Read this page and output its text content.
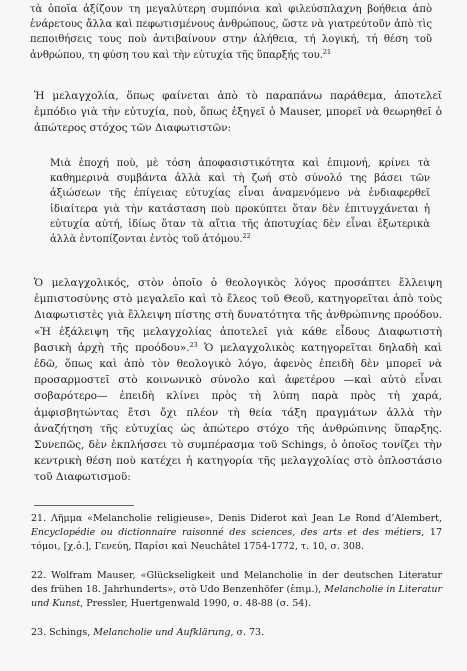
τὰ ὁποῖα ἀξίζουν τη μεγαλύτερη συμπόνια καὶ φιλεύσπλαχνη βοήθεια ἀπὸ ἐνάρετους ἄλλα καὶ πεφωτισμένους ἀνθρώπους, ὥστε νὰ γιατρεύτοῦν ἀπὸ τὶς πεποιθήσεις τους ποὺ ἀντιβαίνουν στην ἀλήθεια, τή λογική, τή θέση τοῦ ἀνθρώπου, τη φύση του καὶ τὴν εὐτυχία τῆς ὕπαρξής του.$^{21}$

Ἡ μελαγχολία, ὅπως φαίνεται ἀπὸ τὸ παραπάνω παράθεμα, ἀποτελεῖ ἐμπόδιο γιὰ τὴν εὐτυχία, ποὺ, ὅπως ἐξηγεῖ ὁ Mauser, μπορεῖ νὰ θεωρηθεῖ ὁ ἀπώτερος στόχος τῶν Διαφωτιστῶν:

Μιὰ ἐποχή ποὺ, μὲ τόση ἀποφασιστικότητα καὶ ἐπιμονή, κρίνει τὰ καθημερινὰ συμβάντα ἀλλὰ καὶ τὴ ζωή στὸ σύνολό της βάσει τῶν ἀξιώσεων τῆς ἐπίγειας εὐτυχίας εἶναι ἀναμενόμενο νὰ ἐνδιαφερθεῖ ἰδιαίτερα γιὰ τὴν κατάσταση ποὺ προκύπτει ὅταν δὲν ἐπιτυγχάνεται ἡ εὐτυχία αὐτή, ἰδίως ὅταν τὰ αἴτια τῆς ἀποτυχίας δὲν εἶναι ἐξωτερικὰ ἀλλὰ ἐντοπίζονται ἐντὸς τοῦ ἀτόμου.$^{22}$

Ὁ μελαγχολικός, στὸν ὁποῖο ὁ θεολογικὸς λόγος προσάπτει ἔλλειψη ἐμπιστοσύνης στὸ μεγαλεῖο καὶ τὸ ἔλεος τοῦ Θεοῦ, κατηγορεῖται ἀπὸ τοὺς Διαφωτιστὲς γιὰ ἔλλειψη πίστης στὴ δυνατότητα τῆς ἀνθρώπινης προόδου. «Ἡ ἐξάλειψη τῆς μελαγχολίας ἀποτελεῖ γιὰ κάθε εἶδους Διαφωτιστὴ βασικὴ ἀρχὴ τῆς προόδου».$^{23}$ Ὁ μελαγχολικὸς κατηγορεῖται δηλαδὴ καὶ ἐδῶ, ὅπως καὶ ἀπὸ τὸν θεολογικὸ λόγο, ἀφενὸς ἐπειδὴ δὲν μπορεῖ νὰ προσαρμοστεῖ στὸ κοινωνικὸ σύνολο καὶ ἀφετέρου —καὶ αὐτὸ εἶναι σοβαρότερο— ἐπειδὴ κλίνει πρὸς τὴ λύπη παρὰ πρὸς τὴ χαρά, ἀμφισβητώντας ἔτσι ὄχι πλέον τὴ θεία τάξη πραγμάτων ἀλλὰ τὴν ἀναζήτηση τῆς εὐτυχίας ὡς ἀπώτερο στόχο τῆς ἀνθρώπινης ὕπαρξης. Συνεπῶς, δὲν ἐκπλήσσει τὸ συμπέρασμα τοῦ Schings, ὁ ὁποῖος τονίζει τὴν κεντρικὴ θέση ποὺ κατέχει ἡ κατηγορία τῆς μελαγχολίας στὸ ὁπλοστάσιο τοῦ Διαφωτισμοῦ:

21. Λῆμμα «Melancholie religieuse», Denis Diderot καὶ Jean Le Rond d’Alembert, Encyclopédie ou dictionnaire raisonné des sciences, des arts et des métiers, 17 τόμοι, [χ.ὀ.], Γενεύη, Παρίσι καὶ Neuchâtel 1754-1772, τ. 10, σ. 308.

22. Wolfram Mauser, «Glückseligkeit und Melancholie in der deutschen Literatur des frühen 18. Jahrhunderts», στὸ Udo Benzenhöfer (ἐπιμ.), Melancholie in Literatur und Kunst, Pressler, Huertgenwald 1990, σ. 48-88 (σ. 54).

23. Schings, Melancholie und Aufklärung, σ. 73.
